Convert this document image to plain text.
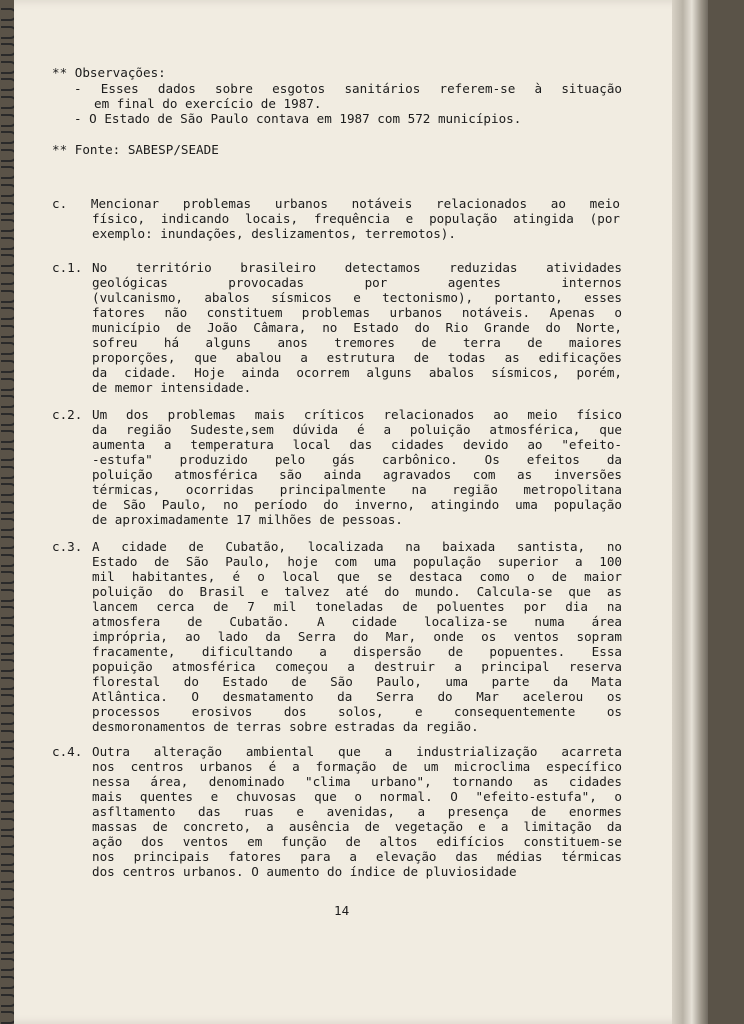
** Observações:
- Esses dados sobre esgotos sanitários referem-se à situação
em final do exercício de 1987.
- O Estado de São Paulo contava em 1987 com 572 municípios.
** Fonte: SABESP/SEADE
c. Mencionar problemas urbanos notáveis relacionados ao meio
físico, indicando locais, frequência e população atingida (por
exemplo: inundações, deslizamentos, terremotos).
c.1. No território brasileiro detectamos reduzidas atividades
geológicas provocadas por agentes internos
(vulcanismo, abalos sísmicos e tectonismo), portanto, esses
fatores não constituem problemas urbanos notáveis. Apenas o
município de João Câmara, no Estado do Rio Grande do Norte,
sofreu há alguns anos tremores de terra de maiores
proporções, que abalou a estrutura de todas as edificações
da cidade. Hoje ainda ocorrem alguns abalos sísmicos, porém,
de memor intensidade.
c.2. Um dos problemas mais críticos relacionados ao meio físico
da região Sudeste,sem dúvida é a poluição atmosférica, que
aumenta a temperatura local das cidades devido ao "efeito-
-estufa" produzido pelo gás carbônico. Os efeitos da
poluição atmosférica são ainda agravados com as inversões
térmicas, ocorridas principalmente na região metropolitana
de São Paulo, no período do inverno, atingindo uma população
de aproximadamente 17 milhões de pessoas.
c.3. A cidade de Cubatão, localizada na baixada santista, no
Estado de São Paulo, hoje com uma população superior a 100
mil habitantes, é o local que se destaca como o de maior
poluição do Brasil e talvez até do mundo. Calcula-se que as
lancem cerca de 7 mil toneladas de poluentes por dia na
atmosfera de Cubatão. A cidade localiza-se numa área
imprópria, ao lado da Serra do Mar, onde os ventos sopram
fracamente, dificultando a dispersão de popuentes. Essa
popuição atmosférica começou a destruir a principal reserva
florestal do Estado de São Paulo, uma parte da Mata
Atlântica. O desmatamento da Serra do Mar acelerou os
processos erosivos dos solos, e consequentemente os
desmoronamentos de terras sobre estradas da região.
c.4. Outra alteração ambiental que a industrialização acarreta
nos centros urbanos é a formação de um microclima específico
nessa área, denominado "clima urbano", tornando as cidades
mais quentes e chuvosas que o normal. O "efeito-estufa", o
asfltamento das ruas e avenidas, a presença de enormes
massas de concreto, a ausência de vegetação e a limitação da
ação dos ventos em função de altos edifícios constituem-se
nos principais fatores para a elevação das médias térmicas
dos centros urbanos. O aumento do índice de pluviosidade
14
